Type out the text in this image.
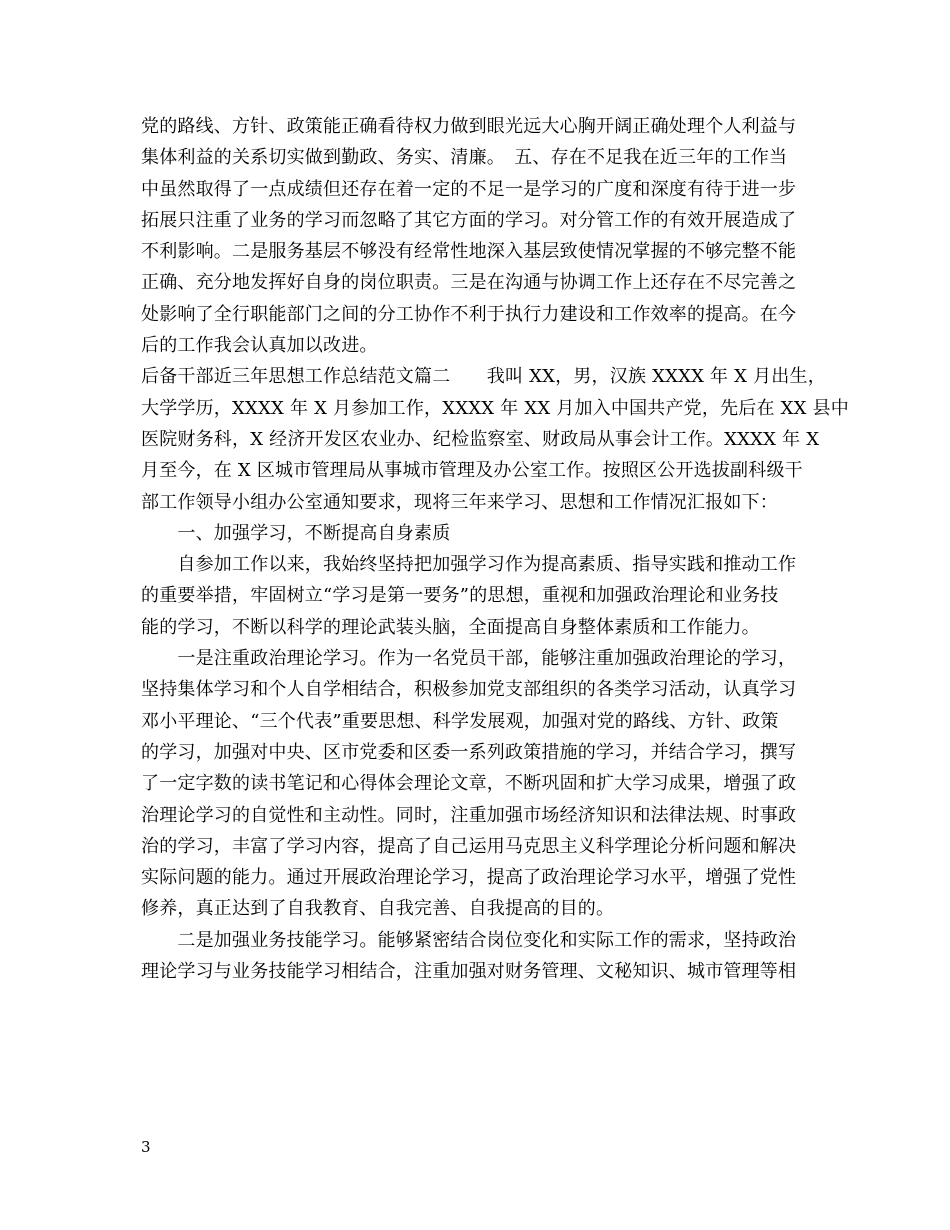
党的路线、方针、政策能正确看待权力做到眼光远大心胸开阔正确处理个人利益与
集体利益的关系切实做到勤政、务实、清廉。　五、存在不足我在近三年的工作当
中虽然取得了一点成绩但还存在着一定的不足一是学习的广度和深度有待于进一步
拓展只注重了业务的学习而忽略了其它方面的学习。对分管工作的有效开展造成了
不利影响。二是服务基层不够没有经常性地深入基层致使情况掌握的不够完整不能
正确、充分地发挥好自身的岗位职责。三是在沟通与协调工作上还存在不尽完善之
处影响了全行职能部门之间的分工协作不利于执行力建设和工作效率的提高。在今
后的工作我会认真加以改进。
后备干部近三年思想工作总结范文篇二　　我叫 XX，男，汉族 XXXX 年 X 月出生，
大学学历，XXXX 年 X 月参加工作，XXXX 年 XX 月加入中国共产党，先后在 XX 县中
医院财务科，X 经济开发区农业办、纪检监察室、财政局从事会计工作。XXXX 年 X
月至今，在 X 区城市管理局从事城市管理及办公室工作。按照区公开选拔副科级干
部工作领导小组办公室通知要求，现将三年来学习、思想和工作情况汇报如下：
　　一、加强学习，不断提高自身素质
　　自参加工作以来，我始终坚持把加强学习作为提高素质、指导实践和推动工作
的重要举措，牢固树立“学习是第一要务”的思想，重视和加强政治理论和业务技
能的学习，不断以科学的理论武装头脑，全面提高自身整体素质和工作能力。
　　一是注重政治理论学习。作为一名党员干部，能够注重加强政治理论的学习，
坚持集体学习和个人自学相结合，积极参加党支部组织的各类学习活动，认真学习
邓小平理论、“三个代表”重要思想、科学发展观，加强对党的路线、方针、政策
的学习，加强对中央、区市党委和区委一系列政策措施的学习，并结合学习，撰写
了一定字数的读书笔记和心得体会理论文章，不断巩固和扩大学习成果，增强了政
治理论学习的自觉性和主动性。同时，注重加强市场经济知识和法律法规、时事政
治的学习，丰富了学习内容，提高了自己运用马克思主义科学理论分析问题和解决
实际问题的能力。通过开展政治理论学习，提高了政治理论学习水平，增强了党性
修养，真正达到了自我教育、自我完善、自我提高的目的。
　　二是加强业务技能学习。能够紧密结合岗位变化和实际工作的需求，坚持政治
理论学习与业务技能学习相结合，注重加强对财务管理、文秘知识、城市管理等相
3
